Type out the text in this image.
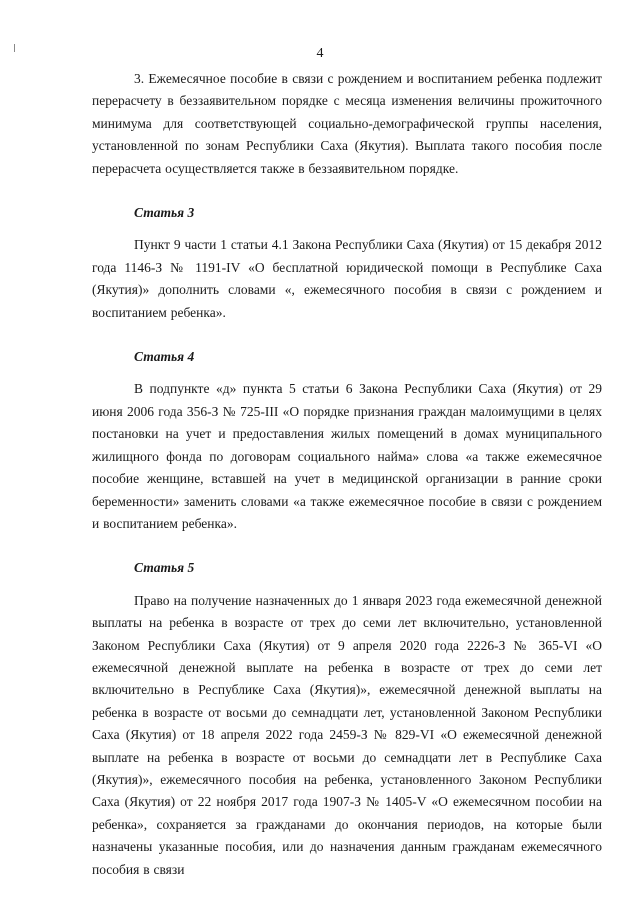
4

3. Ежемесячное пособие в связи с рождением и воспитанием ребенка подлежит перерасчету в беззаявительном порядке с месяца изменения величины прожиточного минимума для соответствующей социально-демографической группы населения, установленной по зонам Республики Саха (Якутия). Выплата такого пособия после перерасчета осуществляется также в беззаявительном порядке.

Статья 3

Пункт 9 части 1 статьи 4.1 Закона Республики Саха (Якутия) от 15 декабря 2012 года 1146-З № 1191-IV «О бесплатной юридической помощи в Республике Саха (Якутия)» дополнить словами «, ежемесячного пособия в связи с рождением и воспитанием ребенка».

Статья 4

В подпункте «д» пункта 5 статьи 6 Закона Республики Саха (Якутия) от 29 июня 2006 года 356-З № 725-III «О порядке признания граждан малоимущими в целях постановки на учет и предоставления жилых помещений в домах муниципального жилищного фонда по договорам социального найма» слова «а также ежемесячное пособие женщине, вставшей на учет в медицинской организации в ранние сроки беременности» заменить словами «а также ежемесячное пособие в связи с рождением и воспитанием ребенка».

Статья 5

Право на получение назначенных до 1 января 2023 года ежемесячной денежной выплаты на ребенка в возрасте от трех до семи лет включительно, установленной Законом Республики Саха (Якутия) от 9 апреля 2020 года 2226-З № 365-VI «О ежемесячной денежной выплате на ребенка в возрасте от трех до семи лет включительно в Республике Саха (Якутия)», ежемесячной денежной выплаты на ребенка в возрасте от восьми до семнадцати лет, установленной Законом Республики Саха (Якутия) от 18 апреля 2022 года 2459-З № 829-VI «О ежемесячной денежной выплате на ребенка в возрасте от восьми до семнадцати лет в Республике Саха (Якутия)», ежемесячного пособия на ребенка, установленного Законом Республики Саха (Якутия) от 22 ноября 2017 года 1907-З № 1405-V «О ежемесячном пособии на ребенка», сохраняется за гражданами до окончания периодов, на которые были назначены указанные пособия, или до назначения данным гражданам ежемесячного пособия в связи
